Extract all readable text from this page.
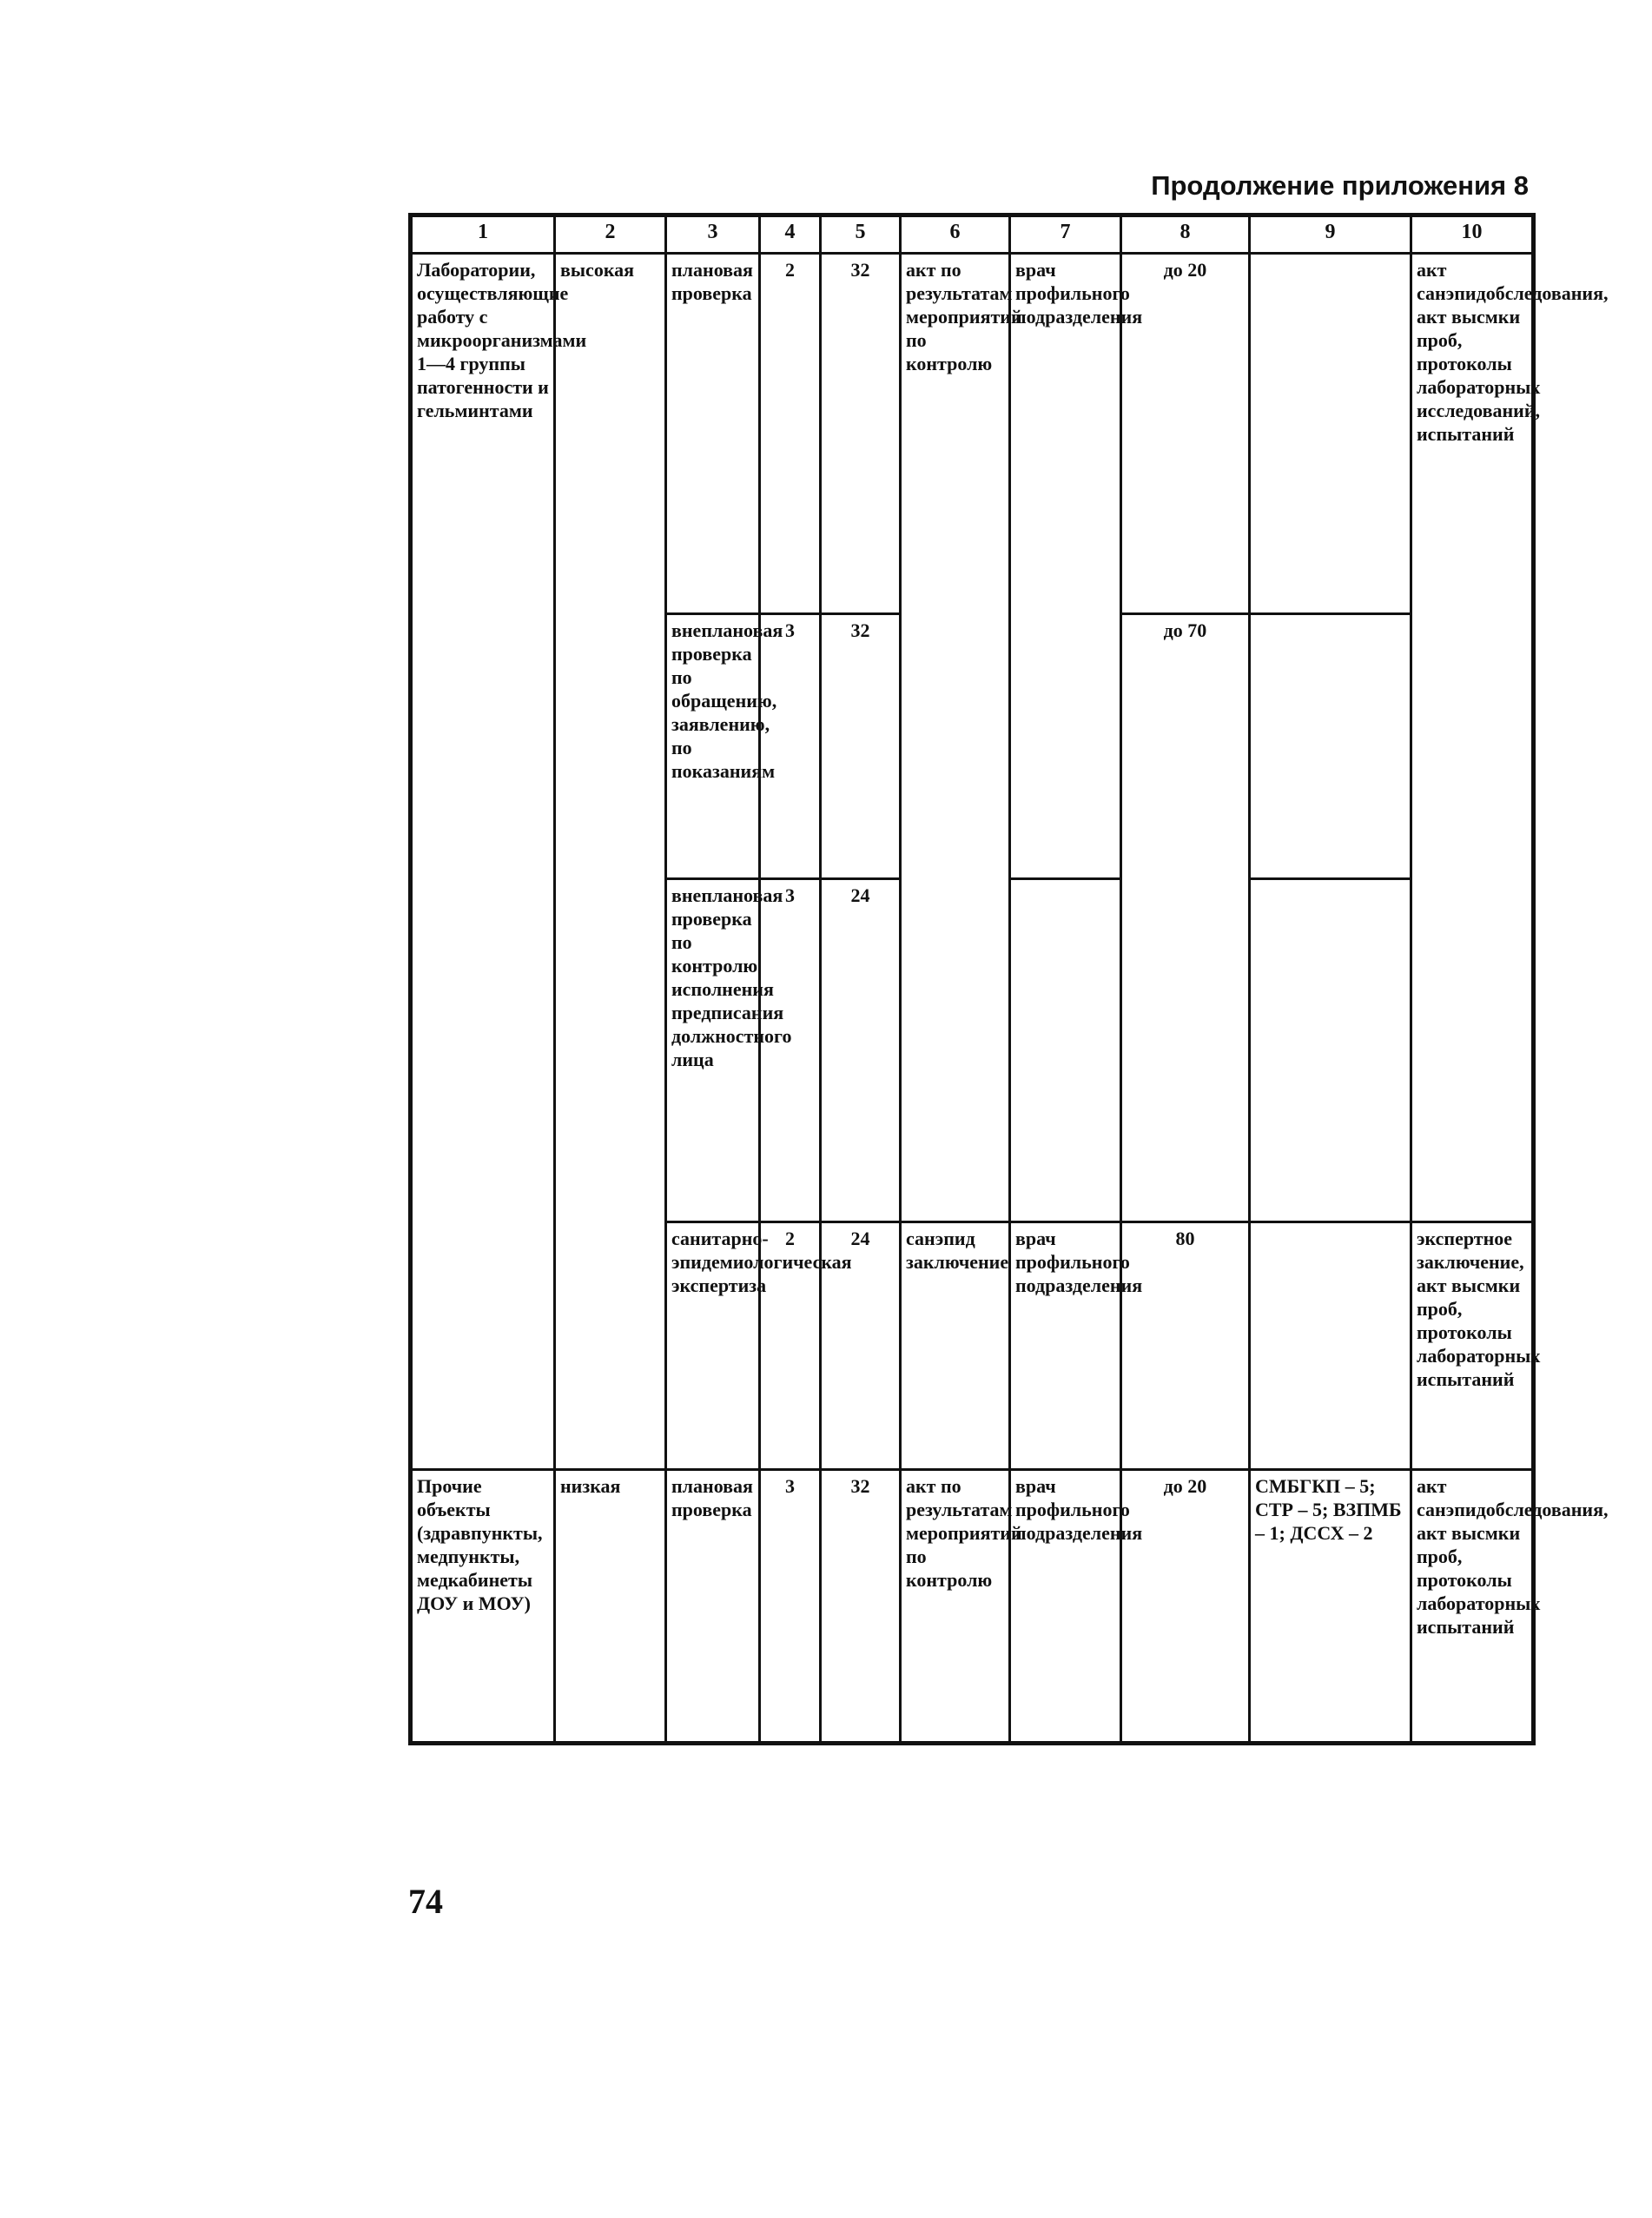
Продолжение приложения 8
1	2	3	4	5	6	7	8	9	10
Лаборатории, осуществляющие работу с микроорганизмами 1—4 группы патогенности и гельминтами	высокая	плановая проверка	2	32	акт по результатам мероприятий по контролю	врач профильного подразделения	до 20		акт санэпидобследования, акт высмки проб, протоколы лабораторных исследований, испытаний
		внеплановая проверка по обращению, заявлению, по показаниям	3	32			до 70		
		внеплановая проверка по контролю исполнения предписания должностного лица	3	24					
		санитарно-эпидемиологическая экспертиза	2	24	санэпид заключение	врач профильного подразделения	80		экспертное заключение, акт высмки проб, протоколы лабораторных испытаний
Прочие объекты (здравпункты, медпункты, медкабинеты ДОУ и МОУ)	низкая	плановая проверка	3	32	акт по результатам мероприятий по контролю	врач профильного подразделения	до 20	СМБГКП – 5; СТР – 5; ВЗПМБ – 1; ДССХ – 2	акт санэпидобследования, акт высмки проб, протоколы лабораторных испытаний
74
